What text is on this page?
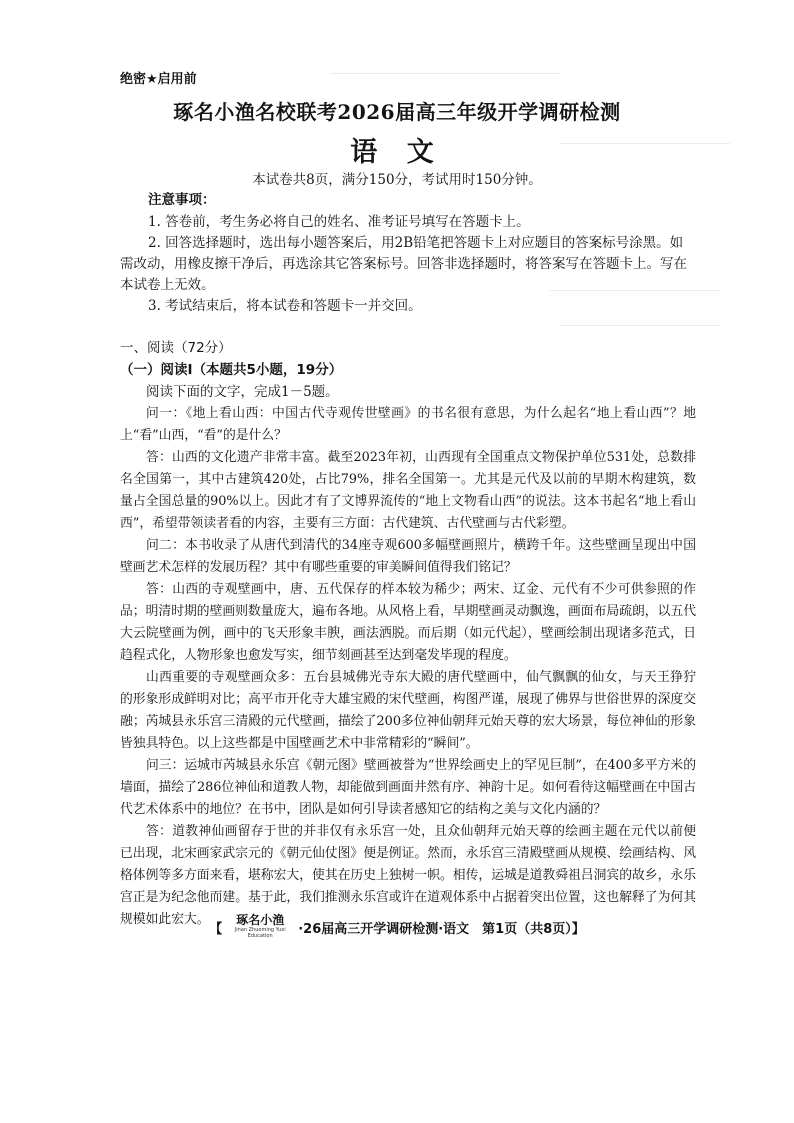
绝密★启用前
琢名小渔名校联考2026届高三年级开学调研检测
语 文
本试卷共8页，满分150分，考试用时150分钟。
注意事项：

1. 答卷前，考生务必将自己的姓名、准考证号填写在答题卡上。

2. 回答选择题时，选出每小题答案后，用2B铅笔把答题卡上对应题目的答案标号涂黑。如需改动，用橡皮擦干净后，再选涂其它答案标号。回答非选择题时，将答案写在答题卡上。写在本试卷上无效。

3. 考试结束后，将本试卷和答题卡一并交回。

一、阅读（72分）
（一）阅读Ⅰ（本题共5小题，19分）
阅读下面的文字，完成1－5题。

问一：《地上看山西：中国古代寺观传世壁画》的书名很有意思，为什么起名“地上看山西”？地上“看”山西，“看”的是什么？

答：山西的文化遗产非常丰富。截至2023年初，山西现有全国重点文物保护单位531处，总数排名全国第一，其中古建筑420处，占比79%，排名全国第一。尤其是元代及以前的早期木构建筑，数量占全国总量的90%以上。因此才有了文博界流传的“地上文物看山西”的说法。这本书起名“地上看山西”，希望带领读者看的内容，主要有三方面：古代建筑、古代壁画与古代彩塑。

问二：本书收录了从唐代到清代的34座寺观600多幅壁画照片，横跨千年。这些壁画呈现出中国壁画艺术怎样的发展历程？其中有哪些重要的审美瞬间值得我们铭记？

答：山西的寺观壁画中，唐、五代保存的样本较为稀少；两宋、辽金、元代有不少可供参照的作品；明清时期的壁画则数量庞大，遍布各地。从风格上看，早期壁画灵动飘逸，画面布局疏朗，以五代大云院壁画为例，画中的飞天形象丰腴，画法洒脱。而后期（如元代起），壁画绘制出现诸多范式，日趋程式化，人物形象也愈发写实，细节刻画甚至达到毫发毕现的程度。

山西重要的寺观壁画众多：五台县城佛光寺东大殿的唐代壁画中，仙气飘飘的仙女，与天王狰狞的形象形成鲜明对比；高平市开化寺大雄宝殿的宋代壁画，构图严谨，展现了佛界与世俗世界的深度交融；芮城县永乐宫三清殿的元代壁画，描绘了200多位神仙朝拜元始天尊的宏大场景，每位神仙的形象皆独具特色。以上这些都是中国壁画艺术中非常精彩的“瞬间”。

问三：运城市芮城县永乐宫《朝元图》壁画被誉为“世界绘画史上的罕见巨制”，在400多平方米的墙面，描绘了286位神仙和道教人物，却能做到画面井然有序、神韵十足。如何看待这幅壁画在中国古代艺术体系中的地位？在书中，团队是如何引导读者感知它的结构之美与文化内涵的？

答：道教神仙画留存于世的并非仅有永乐宫一处，且众仙朝拜元始天尊的绘画主题在元代以前便已出现，北宋画家武宗元的《朝元仙仗图》便是例证。然而，永乐宫三清殿壁画从规模、绘画结构、风格体例等多方面来看，堪称宏大，使其在历史上独树一帜。相传，运城是道教舜祖吕洞宾的故乡，永乐宫正是为纪念他而建。基于此，我们推测永乐宫或许在道观体系中占据着突出位置，这也解释了为何其规模如此宏大。

【
琢名小渔
Jinan Zhuoming Yuxi Education	·26届高三开学调研检测·语文　第1页（共8页）】
